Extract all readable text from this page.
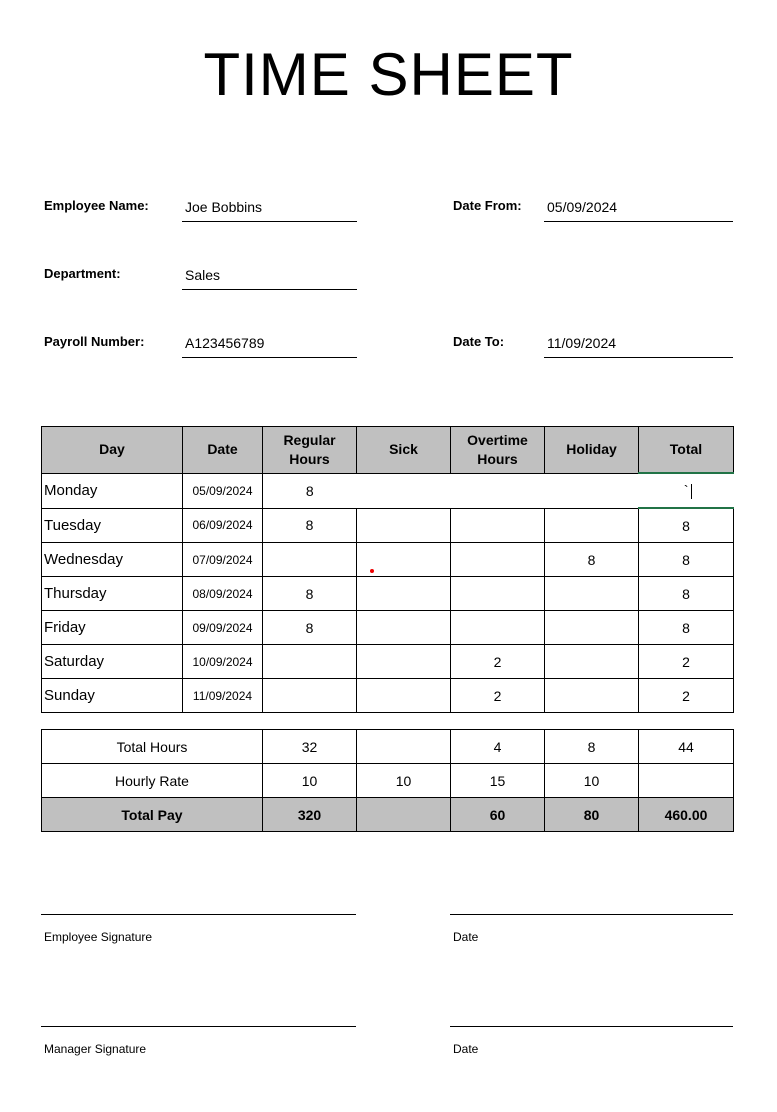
TIME SHEET
Employee Name:	Joe Bobbins
Department:	Sales
Payroll Number:	A123456789
Date From: 05/09/2024
Date To:	11/09/2024
Day	Date	Regular Hours	Sick	Overtime Hours	Holiday	Total
Monday	05/09/2024	8				`
Tuesday	06/09/2024	8				8
Wednesday	07/09/2024				8	8
Thursday	08/09/2024	8				8
Friday	09/09/2024	8				8
Saturday	10/09/2024			2		2
Sunday	11/09/2024			2		2
Total Hours	32		4	8	44
Hourly Rate	10	10	15	10	
Total Pay	320		60	80	460.00
Employee Signature	Date
Manager Signature	Date
